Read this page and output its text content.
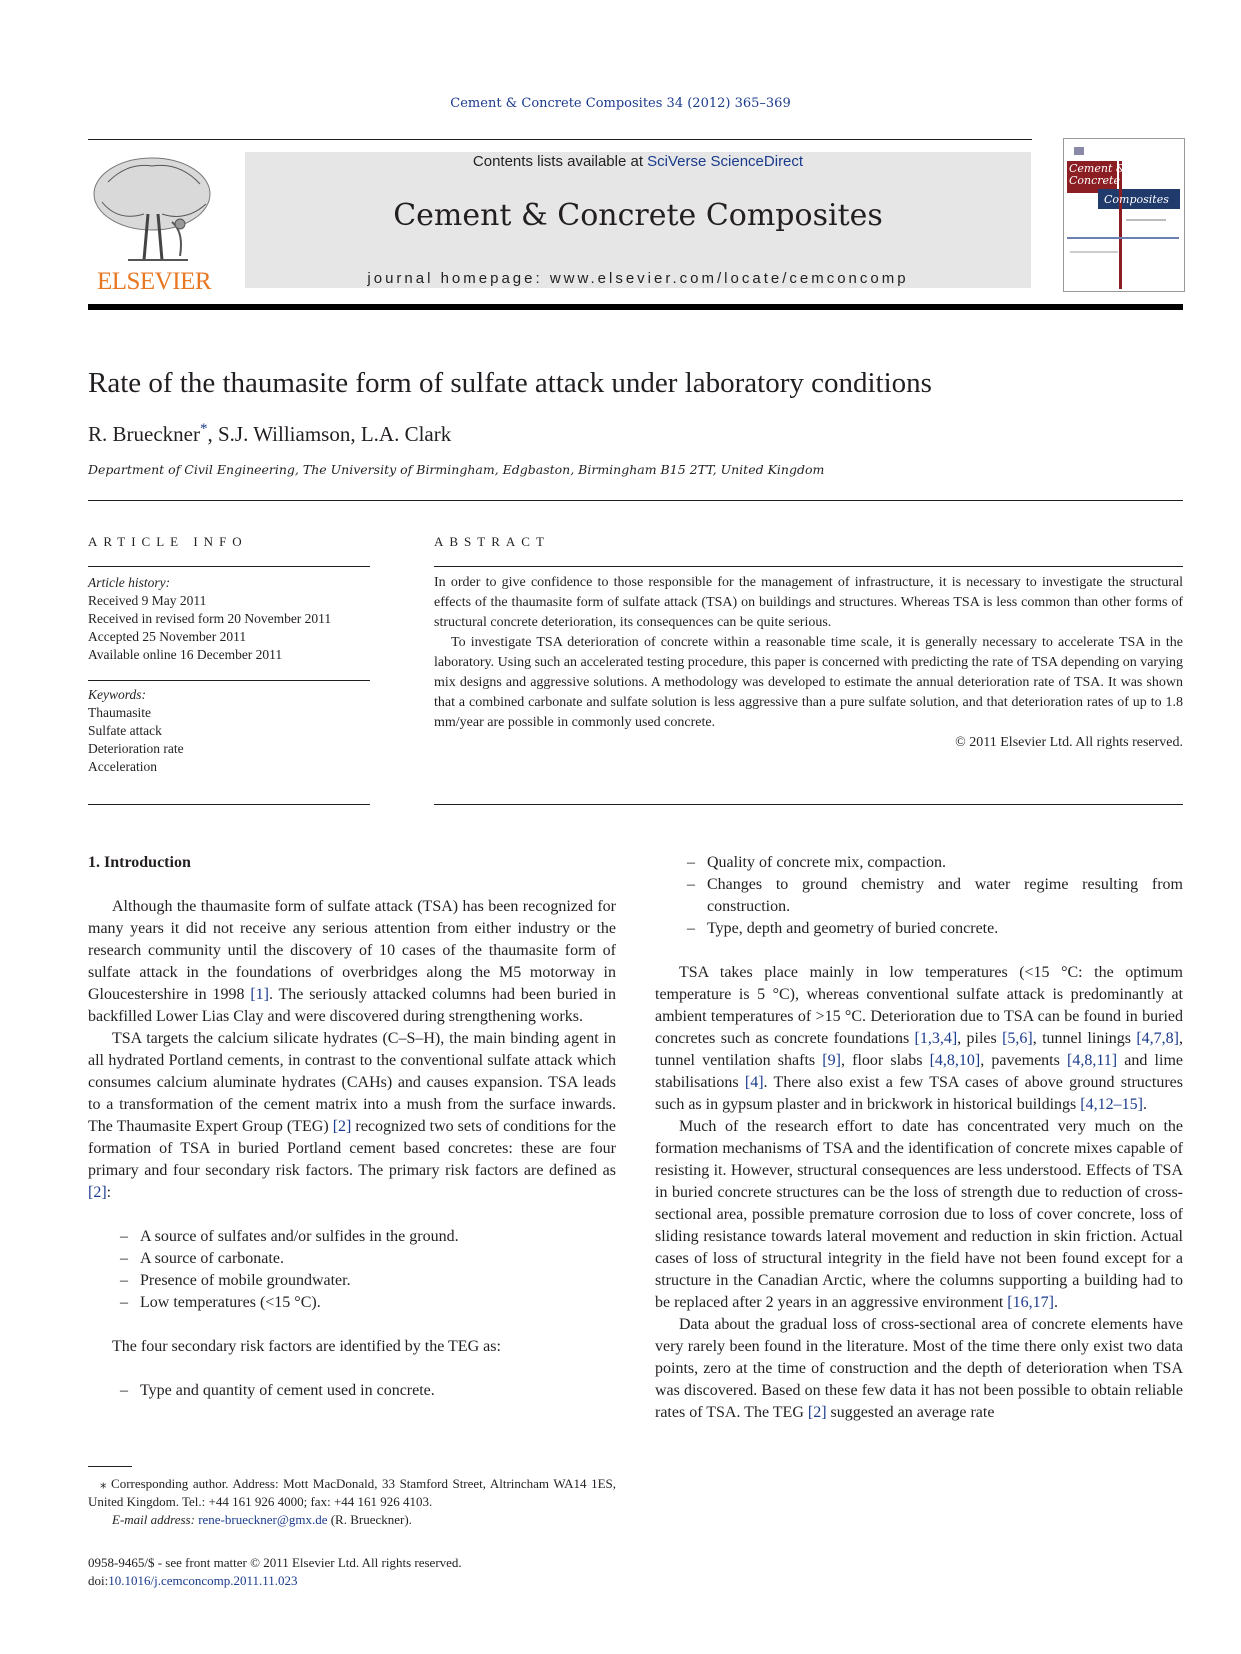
Cement & Concrete Composites 34 (2012) 365–369
ELSEVIER
Contents lists available at SciVerse ScienceDirect
Cement & Concrete Composites
journal homepage: www.elsevier.com/locate/cemconcomp
Cement &
Concrete
Composites
Rate of the thaumasite form of sulfate attack under laboratory conditions
R. Brueckner*, S.J. Williamson, L.A. Clark
Department of Civil Engineering, The University of Birmingham, Edgbaston, Birmingham B15 2TT, United Kingdom
ARTICLE INFO
Article history:
Received 9 May 2011
Received in revised form 20 November 2011
Accepted 25 November 2011
Available online 16 December 2011
Keywords:
Thaumasite
Sulfate attack
Deterioration rate
Acceleration
ABSTRACT

In order to give confidence to those responsible for the management of infrastructure, it is necessary to investigate the structural effects of the thaumasite form of sulfate attack (TSA) on buildings and structures. Whereas TSA is less common than other forms of structural concrete deterioration, its consequences can be quite serious.

To investigate TSA deterioration of concrete within a reasonable time scale, it is generally necessary to accelerate TSA in the laboratory. Using such an accelerated testing procedure, this paper is concerned with predicting the rate of TSA depending on varying mix designs and aggressive solutions. A methodology was developed to estimate the annual deterioration rate of TSA. It was shown that a combined carbonate and sulfate solution is less aggressive than a pure sulfate solution, and that deterioration rates of up to 1.8 mm/year are possible in commonly used concrete.

© 2011 Elsevier Ltd. All rights reserved.

1. Introduction

Although the thaumasite form of sulfate attack (TSA) has been recognized for many years it did not receive any serious attention from either industry or the research community until the discovery of 10 cases of the thaumasite form of sulfate attack in the foundations of overbridges along the M5 motorway in Gloucestershire in 1998 [1]. The seriously attacked columns had been buried in backfilled Lower Lias Clay and were discovered during strengthening works.

TSA targets the calcium silicate hydrates (C–S–H), the main binding agent in all hydrated Portland cements, in contrast to the conventional sulfate attack which consumes calcium aluminate hydrates (CAHs) and causes expansion. TSA leads to a transformation of the cement matrix into a mush from the surface inwards. The Thaumasite Expert Group (TEG) [2] recognized two sets of conditions for the formation of TSA in buried Portland cement based concretes: these are four primary and four secondary risk factors. The primary risk factors are defined as [2]:

– A source of sulfates and/or sulfides in the ground.
– A source of carbonate.
– Presence of mobile groundwater.
– Low temperatures (<15 °C).

The four secondary risk factors are identified by the TEG as:

– Type and quantity of cement used in concrete.
⁎ Corresponding author. Address: Mott MacDonald, 33 Stamford Street, Altrincham WA14 1ES, United Kingdom. Tel.: +44 161 926 4000; fax: +44 161 926 4103.
E-mail address: rene-brueckner@gmx.de (R. Brueckner).
0958-9465/$ - see front matter © 2011 Elsevier Ltd. All rights reserved.
doi:10.1016/j.cemconcomp.2011.11.023
– Quality of concrete mix, compaction.
– Changes to ground chemistry and water regime resulting from construction.
– Type, depth and geometry of buried concrete.

TSA takes place mainly in low temperatures (<15 °C: the optimum temperature is 5 °C), whereas conventional sulfate attack is predominantly at ambient temperatures of >15 °C. Deterioration due to TSA can be found in buried concretes such as concrete foundations [1,3,4], piles [5,6], tunnel linings [4,7,8], tunnel ventilation shafts [9], floor slabs [4,8,10], pavements [4,8,11] and lime stabilisations [4]. There also exist a few TSA cases of above ground structures such as in gypsum plaster and in brickwork in historical buildings [4,12–15].

Much of the research effort to date has concentrated very much on the formation mechanisms of TSA and the identification of concrete mixes capable of resisting it. However, structural consequences are less understood. Effects of TSA in buried concrete structures can be the loss of strength due to reduction of cross-sectional area, possible premature corrosion due to loss of cover concrete, loss of sliding resistance towards lateral movement and reduction in skin friction. Actual cases of loss of structural integrity in the field have not been found except for a structure in the Canadian Arctic, where the columns supporting a building had to be replaced after 2 years in an aggressive environment [16,17].

Data about the gradual loss of cross-sectional area of concrete elements have very rarely been found in the literature. Most of the time there only exist two data points, zero at the time of construction and the depth of deterioration when TSA was discovered. Based on these few data it has not been possible to obtain reliable rates of TSA. The TEG [2] suggested an average rate
